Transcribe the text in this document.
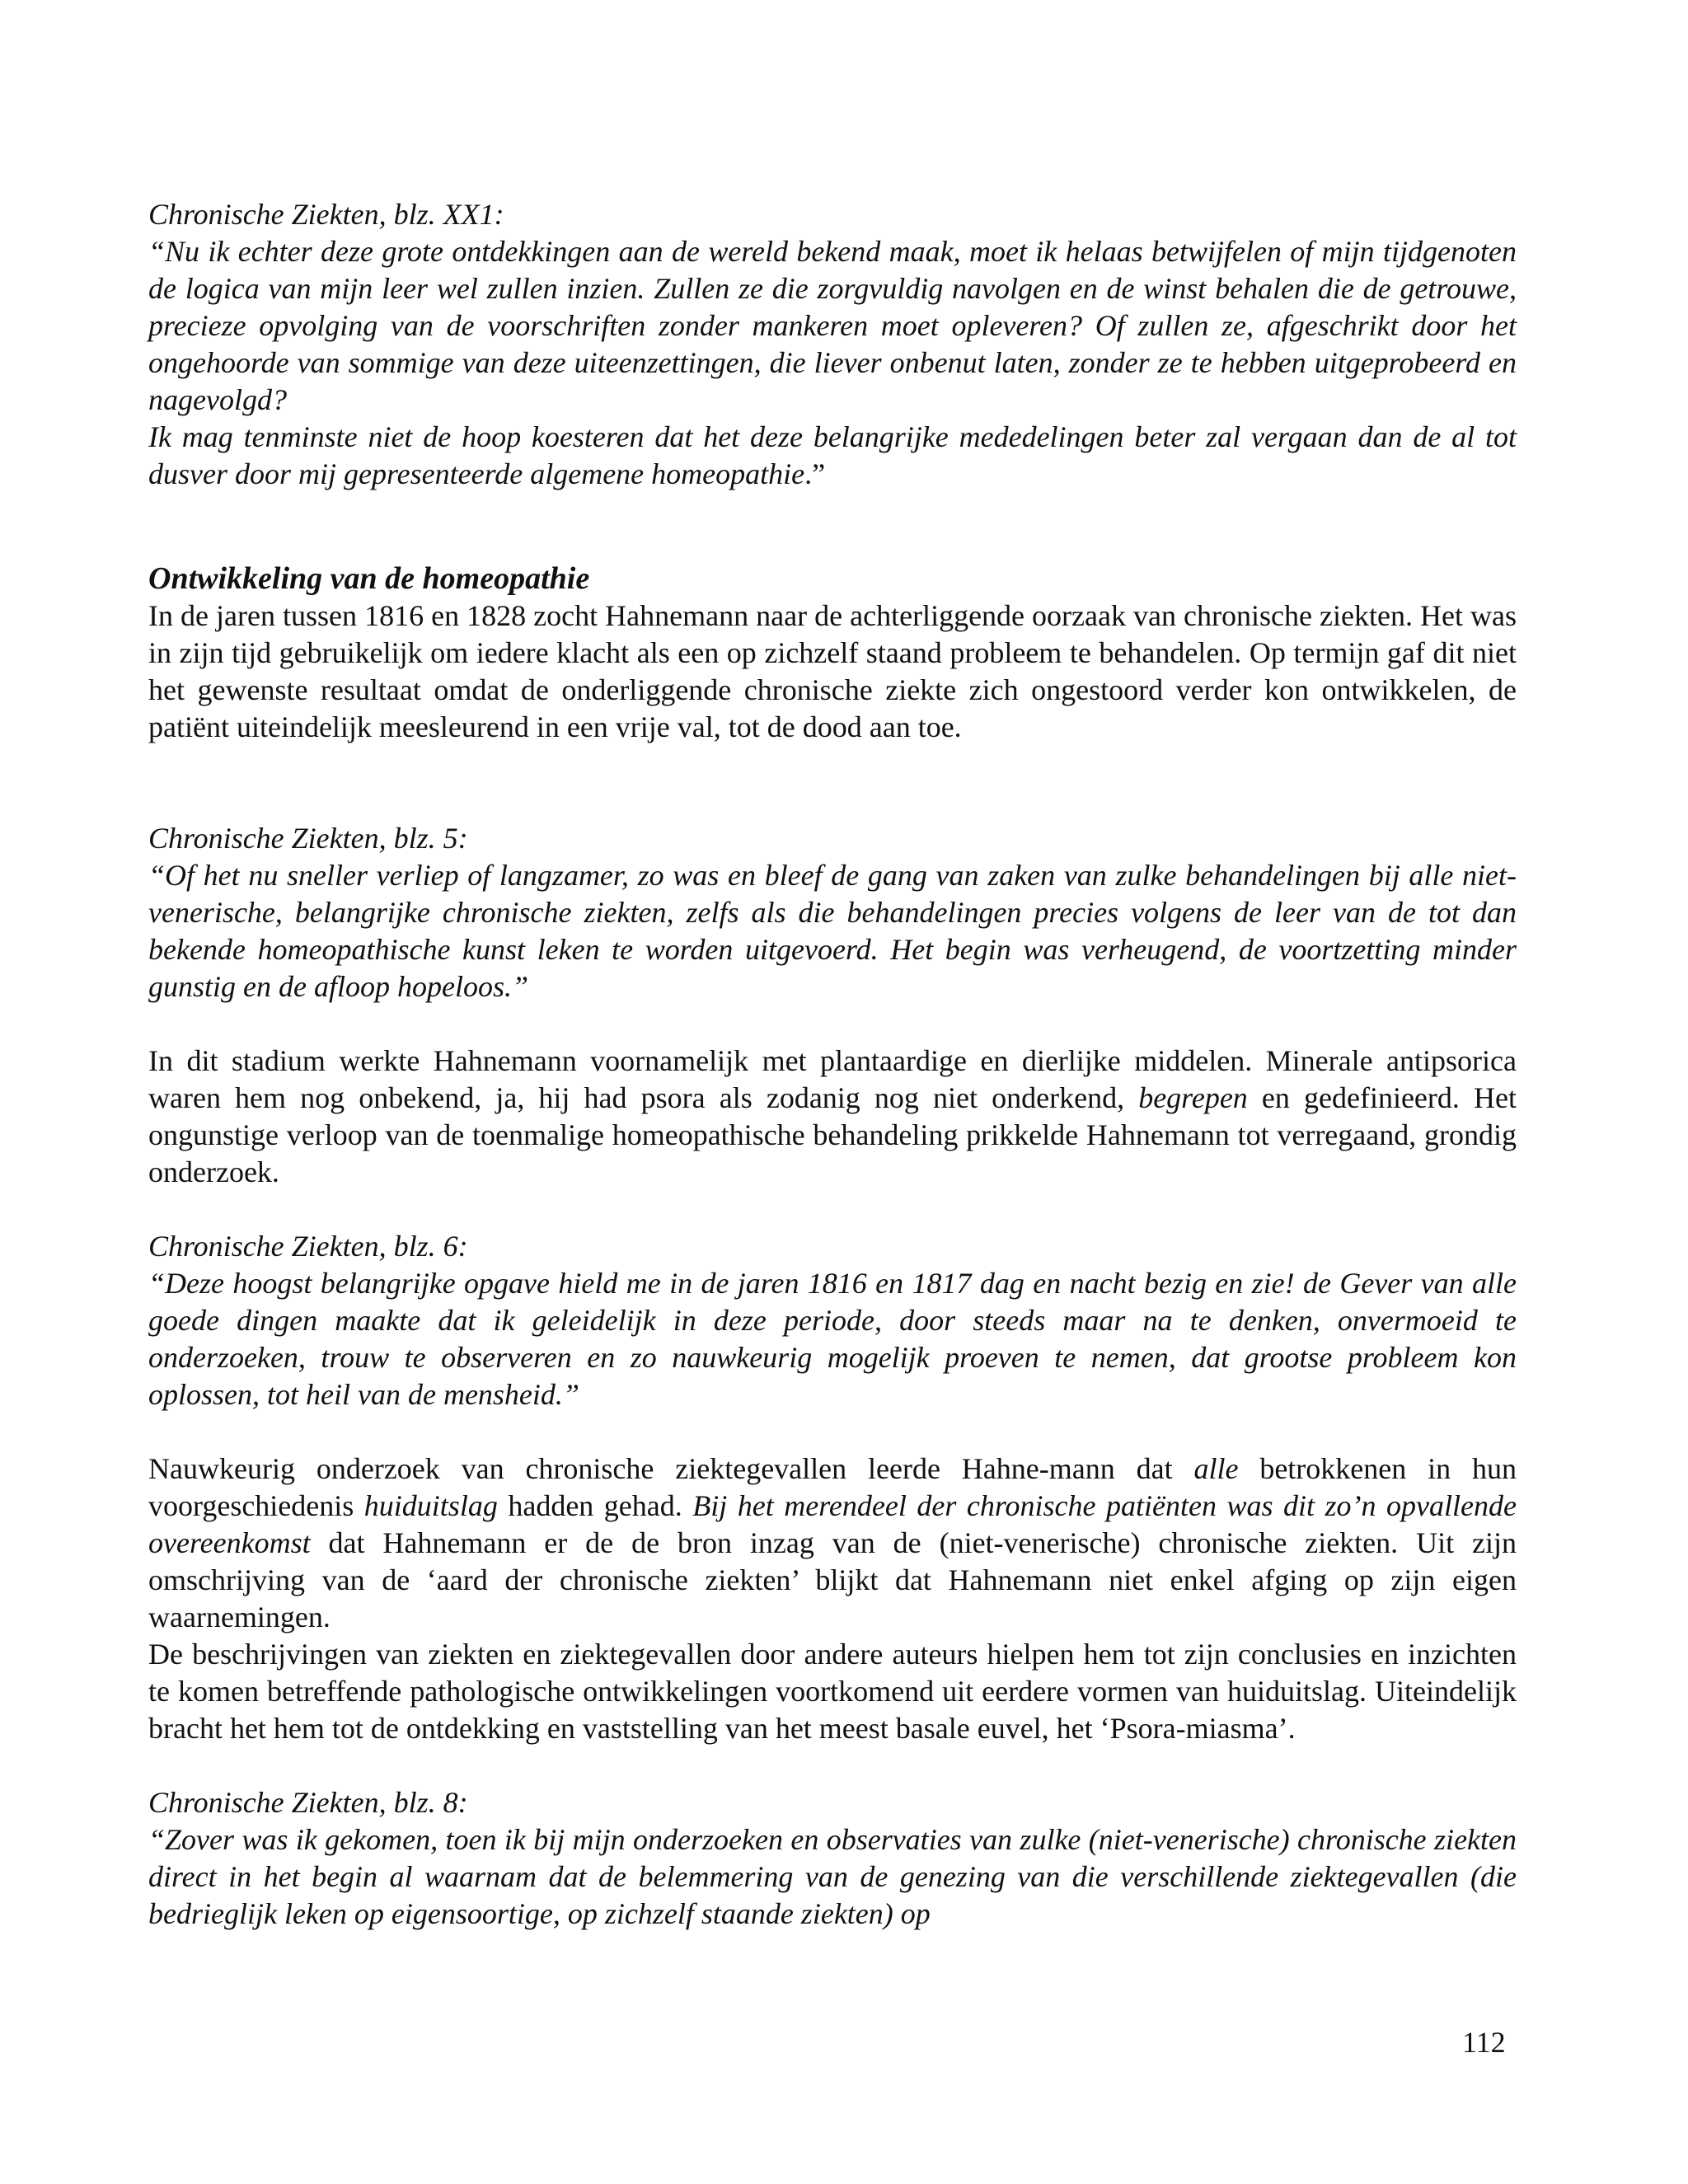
Chronische Ziekten, blz. XX1:
“Nu ik echter deze grote ontdekkingen aan de wereld bekend maak, moet ik helaas betwijfelen of mijn tijdgenoten de logica van mijn leer wel zullen inzien. Zullen ze die zorgvuldig navolgen en de winst behalen die de getrouwe, precieze opvolging van de voorschriften zonder mankeren moet opleveren? Of zullen ze, afgeschrikt door het ongehoorde van sommige van deze uiteenzettingen, die liever onbenut laten, zonder ze te hebben uitgeprobeerd en nagevolgd?
Ik mag tenminste niet de hoop koesteren dat het deze belangrijke mededelingen beter zal vergaan dan de al tot dusver door mij gepresenteerde algemene homeopathie.”
Ontwikkeling van de homeopathie
In de jaren tussen 1816 en 1828 zocht Hahnemann naar de achterliggende oorzaak van chronische ziekten. Het was in zijn tijd gebruikelijk om iedere klacht als een op zichzelf staand probleem te behandelen. Op termijn gaf dit niet het gewenste resultaat omdat de onderliggende chronische ziekte zich ongestoord verder kon ontwikkelen, de patiënt uiteindelijk meesleurend in een vrije val, tot de dood aan toe.
Chronische Ziekten, blz. 5:
“Of het nu sneller verliep of langzamer, zo was en bleef de gang van zaken van zulke behandelingen bij alle niet-venerische, belangrijke chronische ziekten, zelfs als die behandelingen precies volgens de leer van de tot dan bekende homeopathische kunst leken te worden uitgevoerd. Het begin was verheugend, de voortzetting minder gunstig en de afloop hopeloos.”
In dit stadium werkte Hahnemann voornamelijk met plantaardige en dierlijke middelen. Minerale antipsorica waren hem nog onbekend, ja, hij had psora als zodanig nog niet onderkend, begrepen en gedefinieerd. Het ongunstige verloop van de toenmalige homeopathische behandeling prikkelde Hahnemann tot verregaand, grondig onderzoek.
Chronische Ziekten, blz. 6:
“Deze hoogst belangrijke opgave hield me in de jaren 1816 en 1817 dag en nacht bezig en zie! de Gever van alle goede dingen maakte dat ik geleidelijk in deze periode, door steeds maar na te denken, onvermoeid te onderzoeken, trouw te observeren en zo nauwkeurig mogelijk proeven te nemen, dat grootse probleem kon oplossen, tot heil van de mensheid.”
Nauwkeurig onderzoek van chronische ziektegevallen leerde Hahne-mann dat alle betrokkenen in hun voorgeschiedenis huiduitslag hadden gehad. Bij het merendeel der chronische patiënten was dit zo’n opvallende overeenkomst dat Hahnemann er de de bron inzag van de (niet-venerische) chronische ziekten. Uit zijn omschrijving van de ‘aard der chronische ziekten’ blijkt dat Hahnemann niet enkel afging op zijn eigen waarnemingen.
De beschrijvingen van ziekten en ziektegevallen door andere auteurs hielpen hem tot zijn conclusies en inzichten te komen betreffende pathologische ontwikkelingen voortkomend uit eerdere vormen van huiduitslag. Uiteindelijk bracht het hem tot de ontdekking en vaststelling van het meest basale euvel, het ‘Psora-miasma’.
Chronische Ziekten, blz. 8:
“Zover was ik gekomen, toen ik bij mijn onderzoeken en observaties van zulke (niet-venerische) chronische ziekten direct in het begin al waarnam dat de belemmering van de genezing van die verschillende ziektegevallen (die bedrieglijk leken op eigensoortige, op zichzelf staande ziekten) op
112
